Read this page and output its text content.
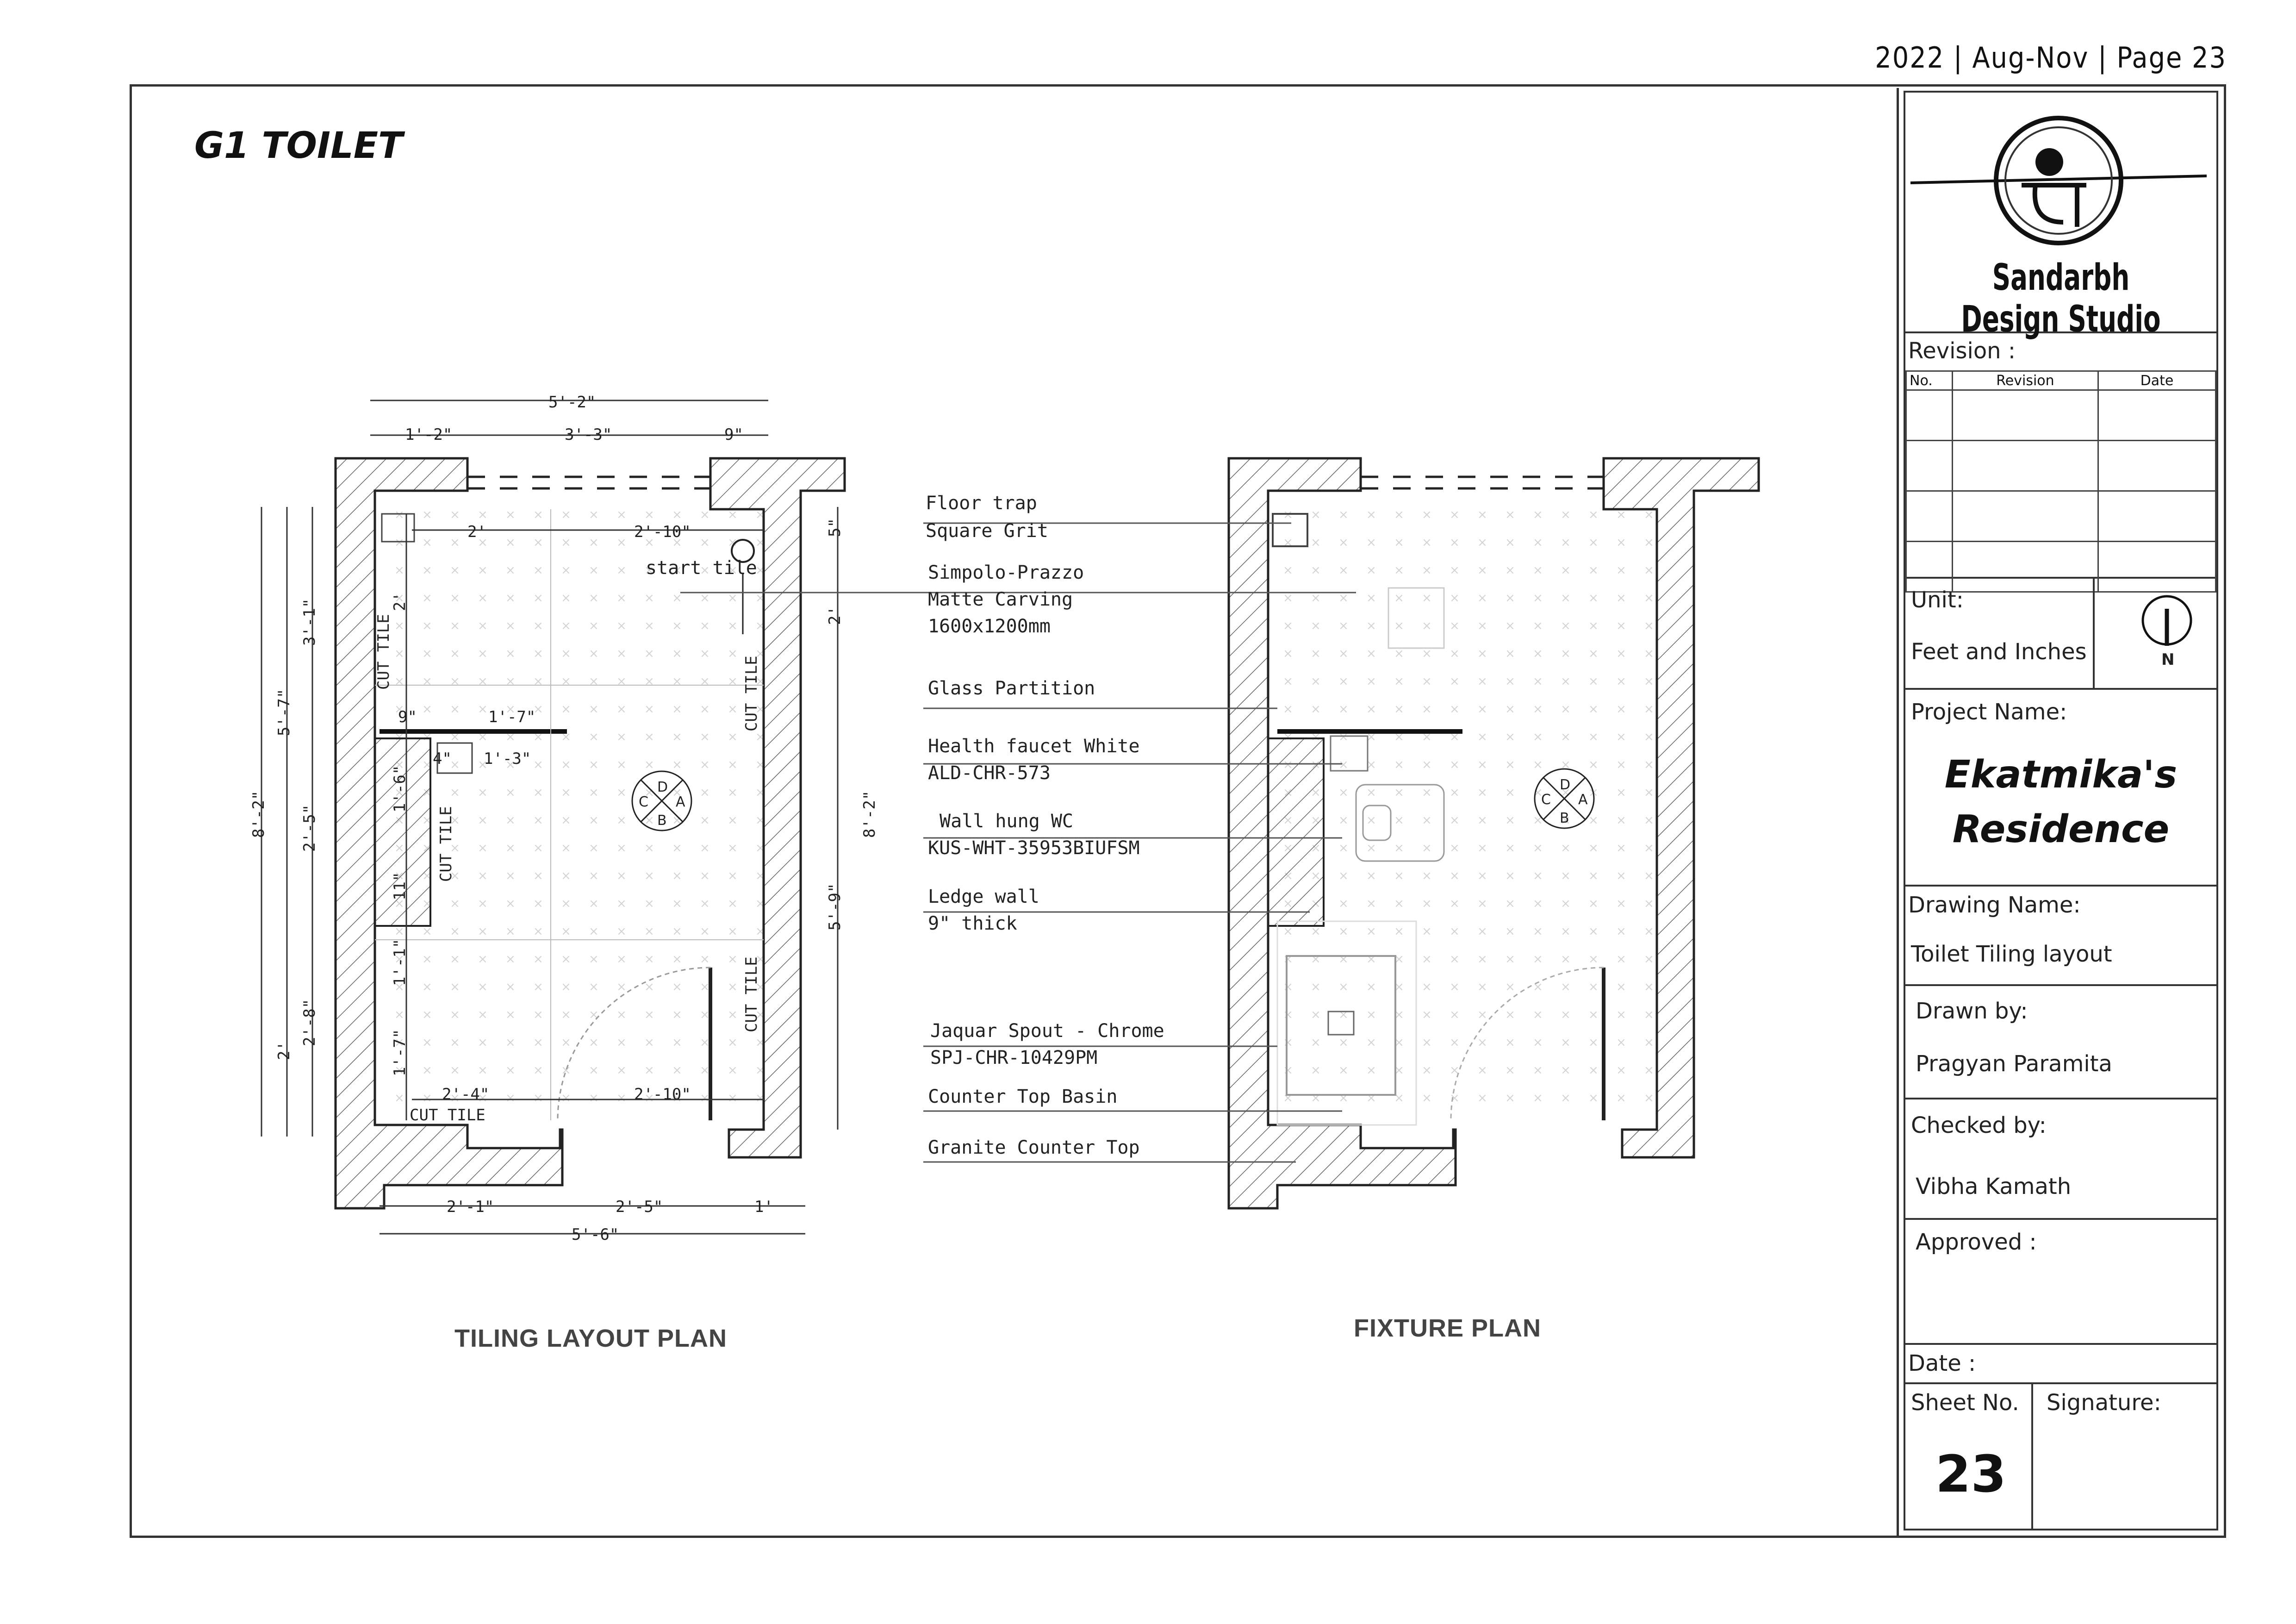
2022 | Aug-Nov | Page 23
G1 TOILET
5'-2"
1'-2"	3'-3"	9"
2'-1"	2'-5"	1'
5'-6"
2'	2'-10"
1'-7"
9"
1'-3"
4"
2'-4"	2'-10"
start tile
CUT TILE
3'-1"
5'-7"
8'-2" 2'-5"
2'-8"
2'
5"
2'
8'-2"
5'-9"
CUT TILE
CUT TILE
CUT TILE
CUT TILE
2'
1'-6"
11"
1'-1"
1'-7"
D
A
B
C
D
A
B
C
Floor trap
Square Grit
Simpolo-Prazzo
Matte Carving
1600x1200mm
Glass Partition
Health faucet White
ALD-CHR-573
Wall hung WC
KUS-WHT-35953BIUFSM
Ledge wall
9" thick
Jaquar Spout - Chrome
SPJ-CHR-10429PM
Counter Top Basin
Granite Counter Top
TILING LAYOUT PLAN	FIXTURE PLAN
Sandarbh Design Studio
Revision :
No.	Revision	Date

Unit:
Feet and Inches	N
Project Name:
Ekatmika's
Residence
Drawing Name:
Toilet Tiling layout
Drawn by:
Pragyan Paramita
Checked by:
Vibha Kamath
Approved :
Date :
Sheet No.
23
Signature:
